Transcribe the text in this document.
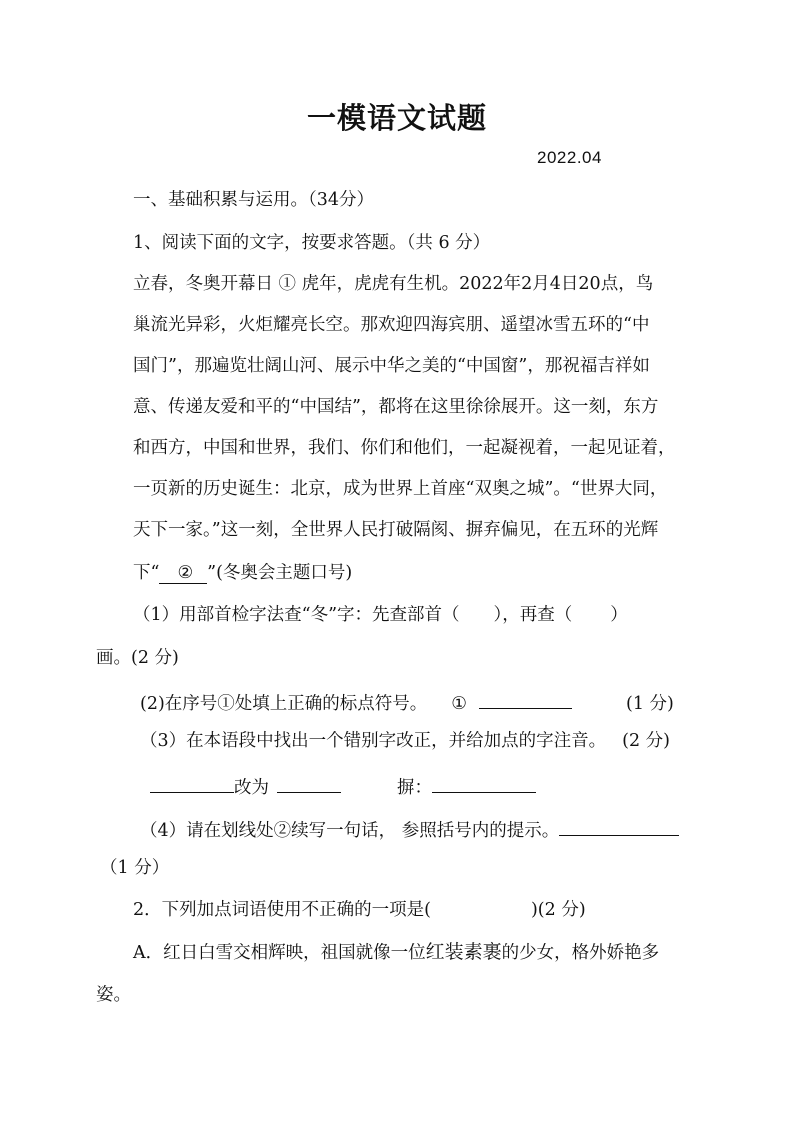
一模语文试题
2022.04
一、基础积累与运用。（34分）
1、阅读下面的文字，按要求答题。（共 6 分）
立春，冬奥开幕日 ① 虎年，虎虎有生机。2022年2月4日20点，鸟
巢流光异彩，火炬耀亮长空。那欢迎四海宾朋、遥望冰雪五环的“中
国门”，那遍览壮阔山河、展示中华之美的“中国窗”，那祝福吉祥如
意、传递友爱和平的“中国结”，都将在这里徐徐展开。这一刻，东方
和西方，中国和世界，我们、你们和他们，一起凝视着，一起见证着，
一页新的历史诞生：北京，成为世界上首座“双奥之城”。“世界大同，
天下一家。”这一刻，全世界人民打破隔阂、摒弃偏见，在五环的光辉
下“ ② ”(冬奥会主题口号)
（1）用部首检字法查“冬”字：先查部首（ ），再查（ ）
画。(2 分)
(2)在序号①处填上正确的标点符号。 ①	(1 分)
（3）在本语段中找出一个错别字改正，并给加点的字注音。 (2 分)
改为	摒：
（4）请在划线处②续写一句话， 参照括号内的提示。
（1 分）
2．下列加点词语使用不正确的一项是(	)(2 分)
A．红日白雪交相辉映，祖国就像一位红装素裹的少女，格外娇艳多
姿。
